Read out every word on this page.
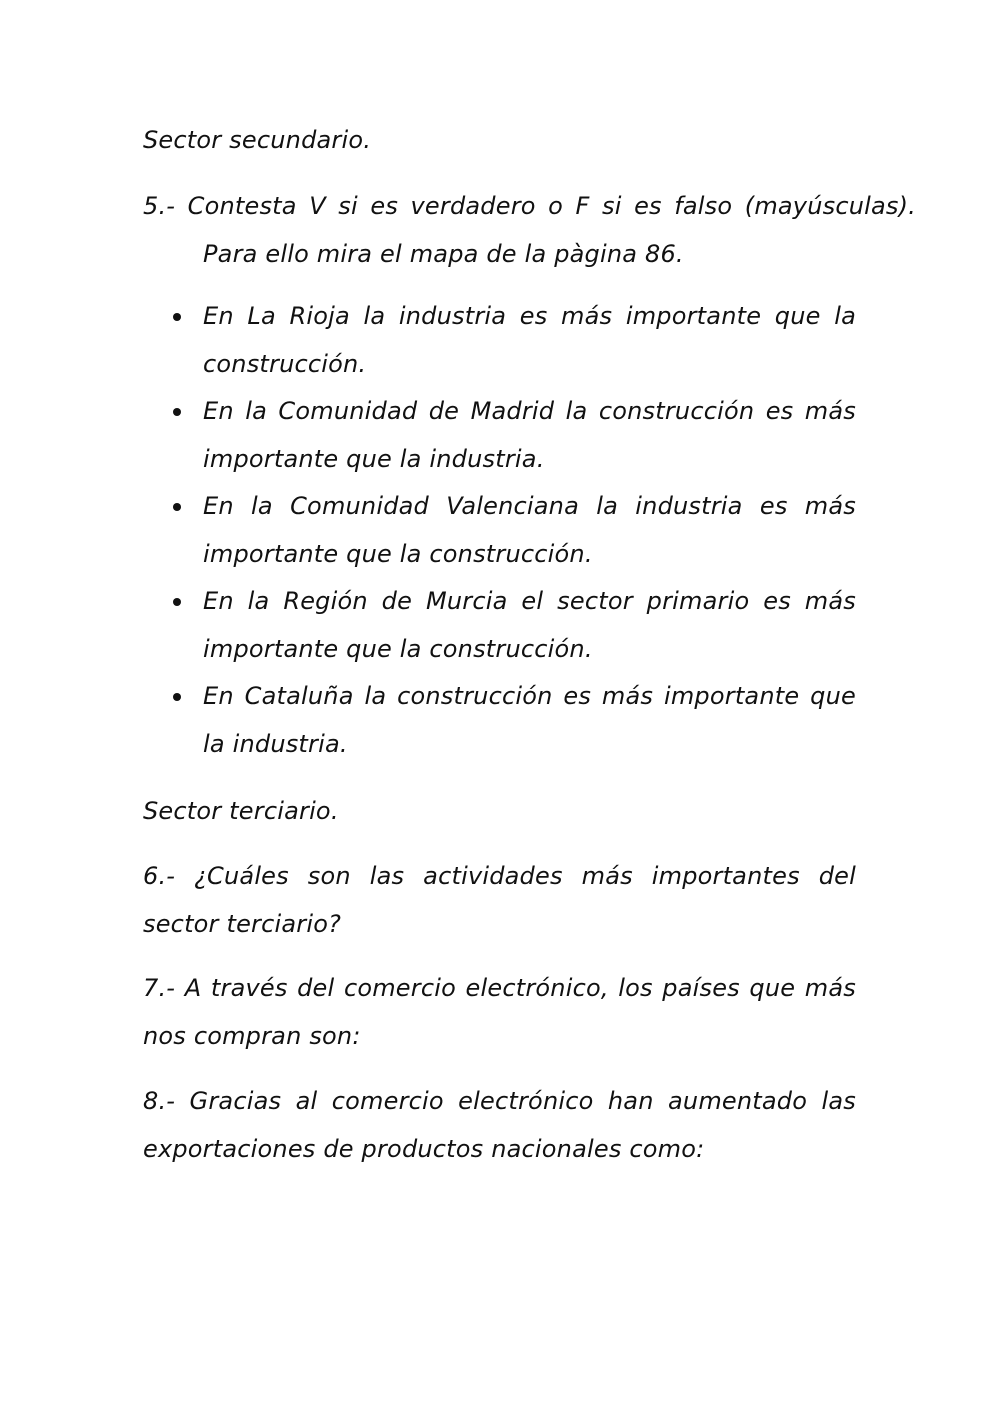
Sector secundario.
5.- Contesta V si es verdadero o F si es falso (mayúsculas). Para ello mira el mapa de la pàgina 86.
En La Rioja la industria es más importante que la construcción.
En la Comunidad de Madrid la construcción es más importante que la industria.
En la Comunidad Valenciana la industria es más importante que la construcción.
En la Región de Murcia el sector primario es más importante que la construcción.
En Cataluña la construcción es más importante que la industria.
Sector terciario.
6.- ¿Cuáles son las actividades más importantes del sector terciario?
7.- A través del comercio electrónico, los países que más nos compran son:
8.- Gracias al comercio electrónico han aumentado las exportaciones de productos nacionales como:
